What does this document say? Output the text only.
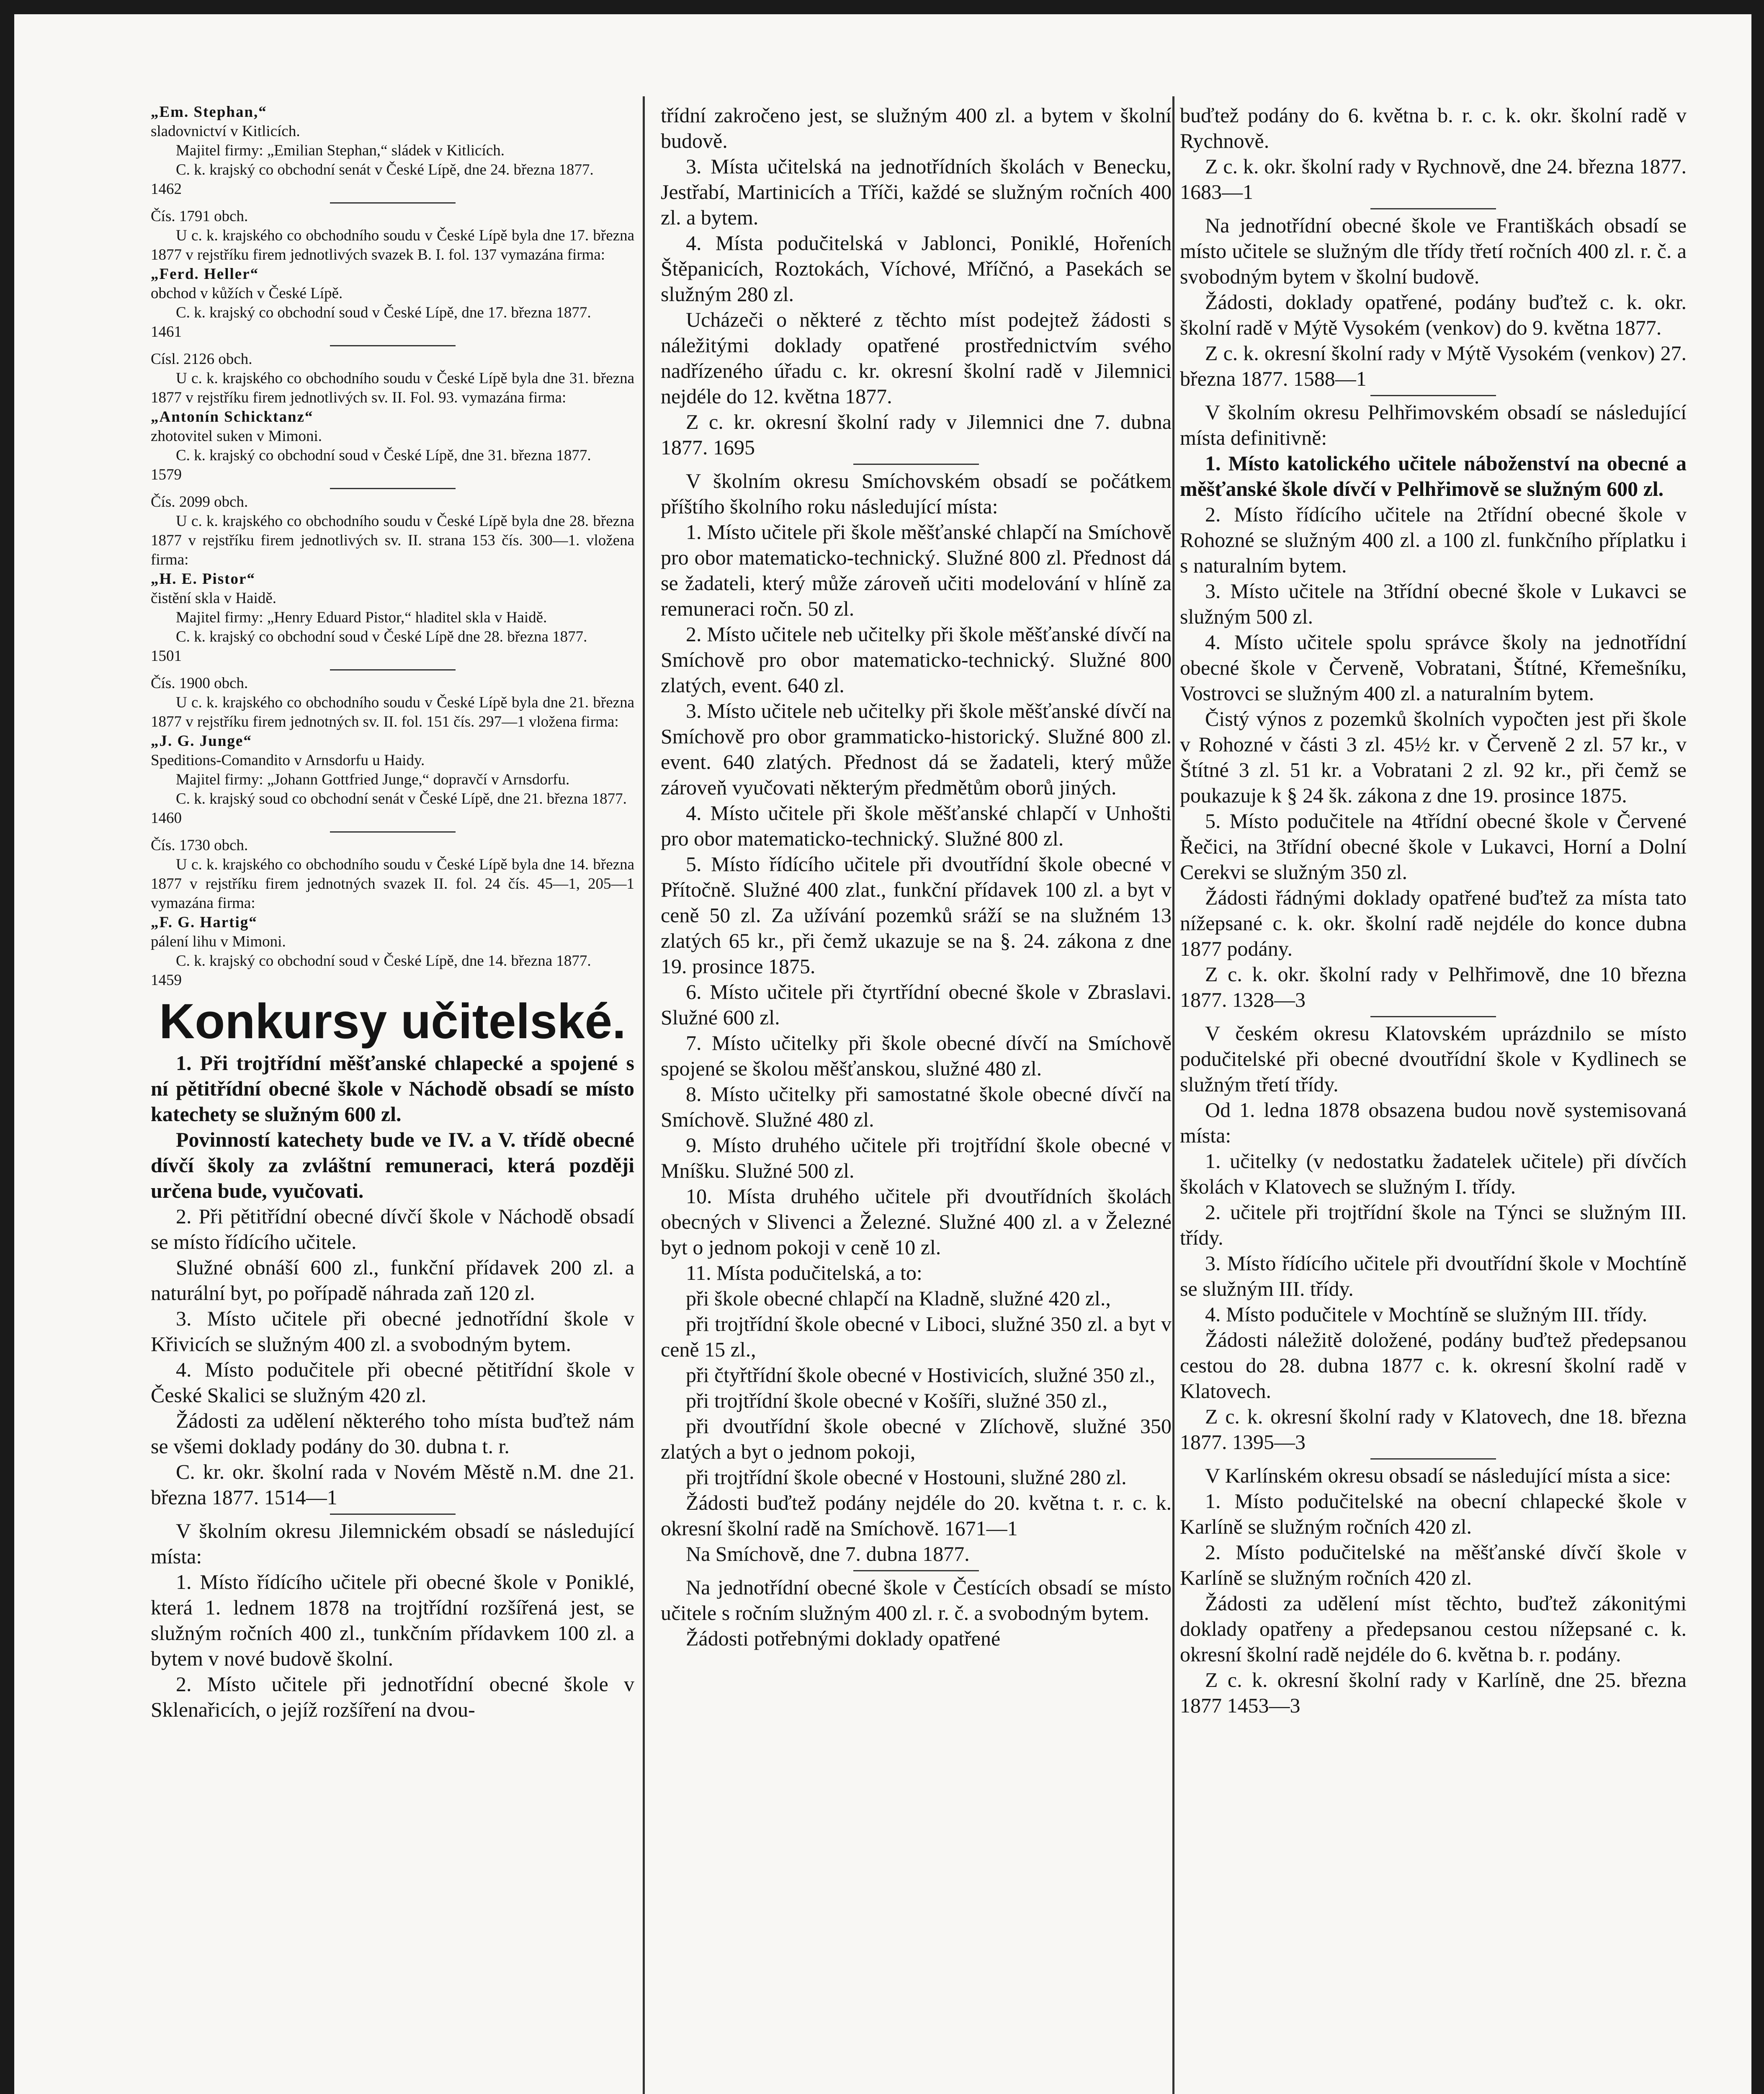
„Em. Stephan,“

sladovnictví v Kitlicích.

Majitel firmy: „Emilian Stephan,“ sládek v Kitlicích.

C. k. krajský co obchodní senát v České Lípě, dne 24. března 1877.

1462

Čís. 1791 obch.

U c. k. krajského co obchodního soudu v České Lípě byla dne 17. března 1877 v rejstříku firem jednotlivých svazek B. I. fol. 137 vymazána firma:

„Ferd. Heller“

obchod v kůžích v České Lípě.

C. k. krajský co obchodní soud v České Lípě, dne 17. března 1877.

1461

Císl. 2126 obch.

U c. k. krajského co obchodního soudu v České Lípě byla dne 31. března 1877 v rejstříku firem jednotlivých sv. II. Fol. 93. vymazána firma:

„Antonín Schicktanz“

zhotovitel suken v Mimoni.

C. k. krajský co obchodní soud v České Lípě, dne 31. března 1877.

1579

Čís. 2099 obch.

U c. k. krajského co obchodního soudu v České Lípě byla dne 28. března 1877 v rejstříku firem jednotlivých sv. II. strana 153 čís. 300—1. vložena firma:

„H. E. Pistor“

čistění skla v Haidě.

Majitel firmy: „Henry Eduard Pistor,“ hladitel skla v Haidě.

C. k. krajský co obchodní soud v České Lípě dne 28. března 1877.

1501

Čís. 1900 obch.

U c. k. krajského co obchodního soudu v České Lípě byla dne 21. března 1877 v rejstříku firem jednotných sv. II. fol. 151 čís. 297—1 vložena firma:

„J. G. Junge“

Speditions-Comandito v Arnsdorfu u Haidy.

Majitel firmy: „Johann Gottfried Junge,“ dopravčí v Arnsdorfu.

C. k. krajský soud co obchodní senát v České Lípě, dne 21. března 1877.

1460

Čís. 1730 obch.

U c. k. krajského co obchodního soudu v České Lípě byla dne 14. března 1877 v rejstříku firem jednotných svazek II. fol. 24 čís. 45—1, 205—1 vymazána firma:

„F. G. Hartig“

pálení lihu v Mimoni.

C. k. krajský co obchodní soud v České Lípě, dne 14. března 1877.

1459

Konkursy učitelské.

1. Při trojtřídní měšťanské chlapecké a spojené s ní pětitřídní obecné škole v Náchodě obsadí se místo katechety se služným 600 zl.

Povinností katechety bude ve IV. a V. třídě obecné dívčí školy za zvláštní remuneraci, která později určena bude, vyučovati.

2. Při pětitřídní obecné dívčí škole v Náchodě obsadí se místo řídícího učitele.

Služné obnáší 600 zl., funkční přídavek 200 zl. a naturální byt, po pořípadě náhrada zaň 120 zl.

3. Místo učitele při obecné jednotřídní škole v Křivicích se služným 400 zl. a svobodným bytem.

4. Místo podučitele při obecné pětitřídní škole v České Skalici se služným 420 zl.

Žádosti za udělení některého toho místa buďtež nám se všemi doklady podány do 30. dubna t. r.

C. kr. okr. školní rada v Novém Městě n.M. dne 21. března 1877. 1514—1

V školním okresu Jilemnickém obsadí se následující místa:

1. Místo řídícího učitele při obecné škole v Poniklé, která 1. lednem 1878 na trojtřídní rozšířená jest, se služným ročních 400 zl., tunkčním přídavkem 100 zl. a bytem v nové budově školní.

2. Místo učitele při jednotřídní obecné škole v Sklenařicích, o jejíž rozšíření na dvou-

třídní zakročeno jest, se služným 400 zl. a bytem v školní budově.

3. Místa učitelská na jednotřídních školách v Benecku, Jestřabí, Martinicích a Tříči, každé se služným ročních 400 zl. a bytem.

4. Místa podučitelská v Jablonci, Poniklé, Hořeních Štěpanicích, Roztokách, Víchové, Mříčnó, a Pasekách se služným 280 zl.

Ucházeči o některé z těchto míst podejtež žádosti s náležitými doklady opatřené prostřednictvím svého nadřízeného úřadu c. kr. okresní školní radě v Jilemnici nejdéle do 12. května 1877.

Z c. kr. okresní školní rady v Jilemnici dne 7. dubna 1877. 1695

V školním okresu Smíchovském obsadí se počátkem příštího školního roku následující místa:

1. Místo učitele při škole měšťanské chlapčí na Smíchově pro obor matematicko-technický. Služné 800 zl. Přednost dá se žadateli, který může zároveň učiti modelování v hlíně za remuneraci ročn. 50 zl.

2. Místo učitele neb učitelky při škole měšťanské dívčí na Smíchově pro obor matematicko-technický. Služné 800 zlatých, event. 640 zl.

3. Místo učitele neb učitelky při škole měšťanské dívčí na Smíchově pro obor grammaticko-historický. Služné 800 zl. event. 640 zlatých. Přednost dá se žadateli, který může zároveň vyučovati některým předmětům oborů jiných.

4. Místo učitele při škole měšťanské chlapčí v Unhošti pro obor matematicko-technický. Služné 800 zl.

5. Místo řídícího učitele při dvoutřídní škole obecné v Přítočně. Služné 400 zlat., funkční přídavek 100 zl. a byt v ceně 50 zl. Za užívání pozemků sráží se na služném 13 zlatých 65 kr., při čemž ukazuje se na §. 24. zákona z dne 19. prosince 1875.

6. Místo učitele při čtyrtřídní obecné škole v Zbraslavi. Služné 600 zl.

7. Místo učitelky při škole obecné dívčí na Smíchově spojené se školou měšťanskou, služné 480 zl.

8. Místo učitelky při samostatné škole obecné dívčí na Smíchově. Služné 480 zl.

9. Místo druhého učitele při trojtřídní škole obecné v Mníšku. Služné 500 zl.

10. Místa druhého učitele při dvoutřídních školách obecných v Slivenci a Železné. Služné 400 zl. a v Železné byt o jednom pokoji v ceně 10 zl.

11. Místa podučitelská, a to:

při škole obecné chlapčí na Kladně, služné 420 zl.,

při trojtřídní škole obecné v Liboci, služné 350 zl. a byt v ceně 15 zl.,

při čtyřtřídní škole obecné v Hostivicích, služné 350 zl.,

při trojtřídní škole obecné v Košíři, služné 350 zl.,

při dvoutřídní škole obecné v Zlíchově, služné 350 zlatých a byt o jednom pokoji,

při trojtřídní škole obecné v Hostouni, služné 280 zl.

Žádosti buďtež podány nejdéle do 20. května t. r. c. k. okresní školní radě na Smíchově. 1671—1

Na Smíchově, dne 7. dubna 1877.

Na jednotřídní obecné škole v Čestících obsadí se místo učitele s ročním služným 400 zl. r. č. a svobodným bytem.

Žádosti potřebnými doklady opatřené

buďtež podány do 6. května b. r. c. k. okr. školní radě v Rychnově.

Z c. k. okr. školní rady v Rychnově, dne 24. března 1877. 1683—1

Na jednotřídní obecné škole ve Františkách obsadí se místo učitele se služným dle třídy třetí ročních 400 zl. r. č. a svobodným bytem v školní budově.

Žádosti, doklady opatřené, podány buďtež c. k. okr. školní radě v Mýtě Vysokém (venkov) do 9. května 1877.

Z c. k. okresní školní rady v Mýtě Vysokém (venkov) 27. března 1877. 1588—1

V školním okresu Pelhřimovském obsadí se následující místa definitivně:

1. Místo katolického učitele náboženství na obecné a měšťanské škole dívčí v Pelhřimově se služným 600 zl.

2. Místo řídícího učitele na 2třídní obecné škole v Rohozné se služným 400 zl. a 100 zl. funkčního příplatku i s naturalním bytem.

3. Místo učitele na 3třídní obecné škole v Lukavci se služným 500 zl.

4. Místo učitele spolu správce školy na jednotřídní obecné škole v Červeně, Vobratani, Štítné, Křemešníku, Vostrovci se služným 400 zl. a naturalním bytem.

Čistý výnos z pozemků školních vypočten jest při škole v Rohozné v části 3 zl. 45½ kr. v Červeně 2 zl. 57 kr., v Štítné 3 zl. 51 kr. a Vobratani 2 zl. 92 kr., při čemž se poukazuje k § 24 šk. zákona z dne 19. prosince 1875.

5. Místo podučitele na 4třídní obecné škole v Červené Řečici, na 3třídní obecné škole v Lukavci, Horní a Dolní Cerekvi se služným 350 zl.

Žádosti řádnými doklady opatřené buďtež za místa tato nížepsané c. k. okr. školní radě nejdéle do konce dubna 1877 podány.

Z c. k. okr. školní rady v Pelhřimově, dne 10 března 1877. 1328—3

V českém okresu Klatovském uprázdnilo se místo podučitelské při obecné dvoutřídní škole v Kydlinech se služným třetí třídy.

Od 1. ledna 1878 obsazena budou nově systemisovaná místa:

1. učitelky (v nedostatku žadatelek učitele) při dívčích školách v Klatovech se služným I. třídy.

2. učitele při trojtřídní škole na Týnci se služným III. třídy.

3. Místo řídícího učitele při dvoutřídní škole v Mochtíně se služným III. třídy.

4. Místo podučitele v Mochtíně se služným III. třídy.

Žádosti náležitě doložené, podány buďtež předepsanou cestou do 28. dubna 1877 c. k. okresní školní radě v Klatovech.

Z c. k. okresní školní rady v Klatovech, dne 18. března 1877. 1395—3

V Karlínském okresu obsadí se následující místa a sice:

1. Místo podučitelské na obecní chlapecké škole v Karlíně se služným ročních 420 zl.

2. Místo podučitelské na měšťanské dívčí škole v Karlíně se služným ročních 420 zl.

Žádosti za udělení míst těchto, buďtež zákonitými doklady opatřeny a předepsanou cestou nížepsané c. k. okresní školní radě nejdéle do 6. května b. r. podány.

Z c. k. okresní školní rady v Karlíně, dne 25. března 1877 1453—3
